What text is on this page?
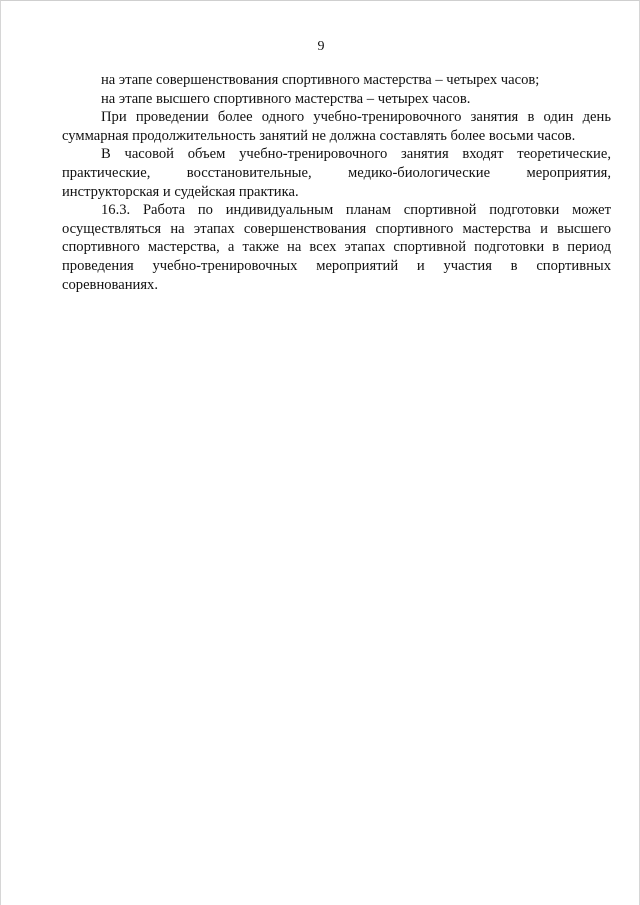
9

на этапе совершенствования спортивного мастерства – четырех часов;

на этапе высшего спортивного мастерства – четырех часов.

При проведении более одного учебно-тренировочного занятия в один день суммарная продолжительность занятий не должна составлять более восьми часов.

В часовой объем учебно-тренировочного занятия входят теоретические, практические, восстановительные, медико-биологические мероприятия, инструкторская и судейская практика.

16.3. Работа по индивидуальным планам спортивной подготовки может осуществляться на этапах совершенствования спортивного мастерства и высшего спортивного мастерства, а также на всех этапах спортивной подготовки в период проведения учебно-тренировочных мероприятий и участия в спортивных соревнованиях.
